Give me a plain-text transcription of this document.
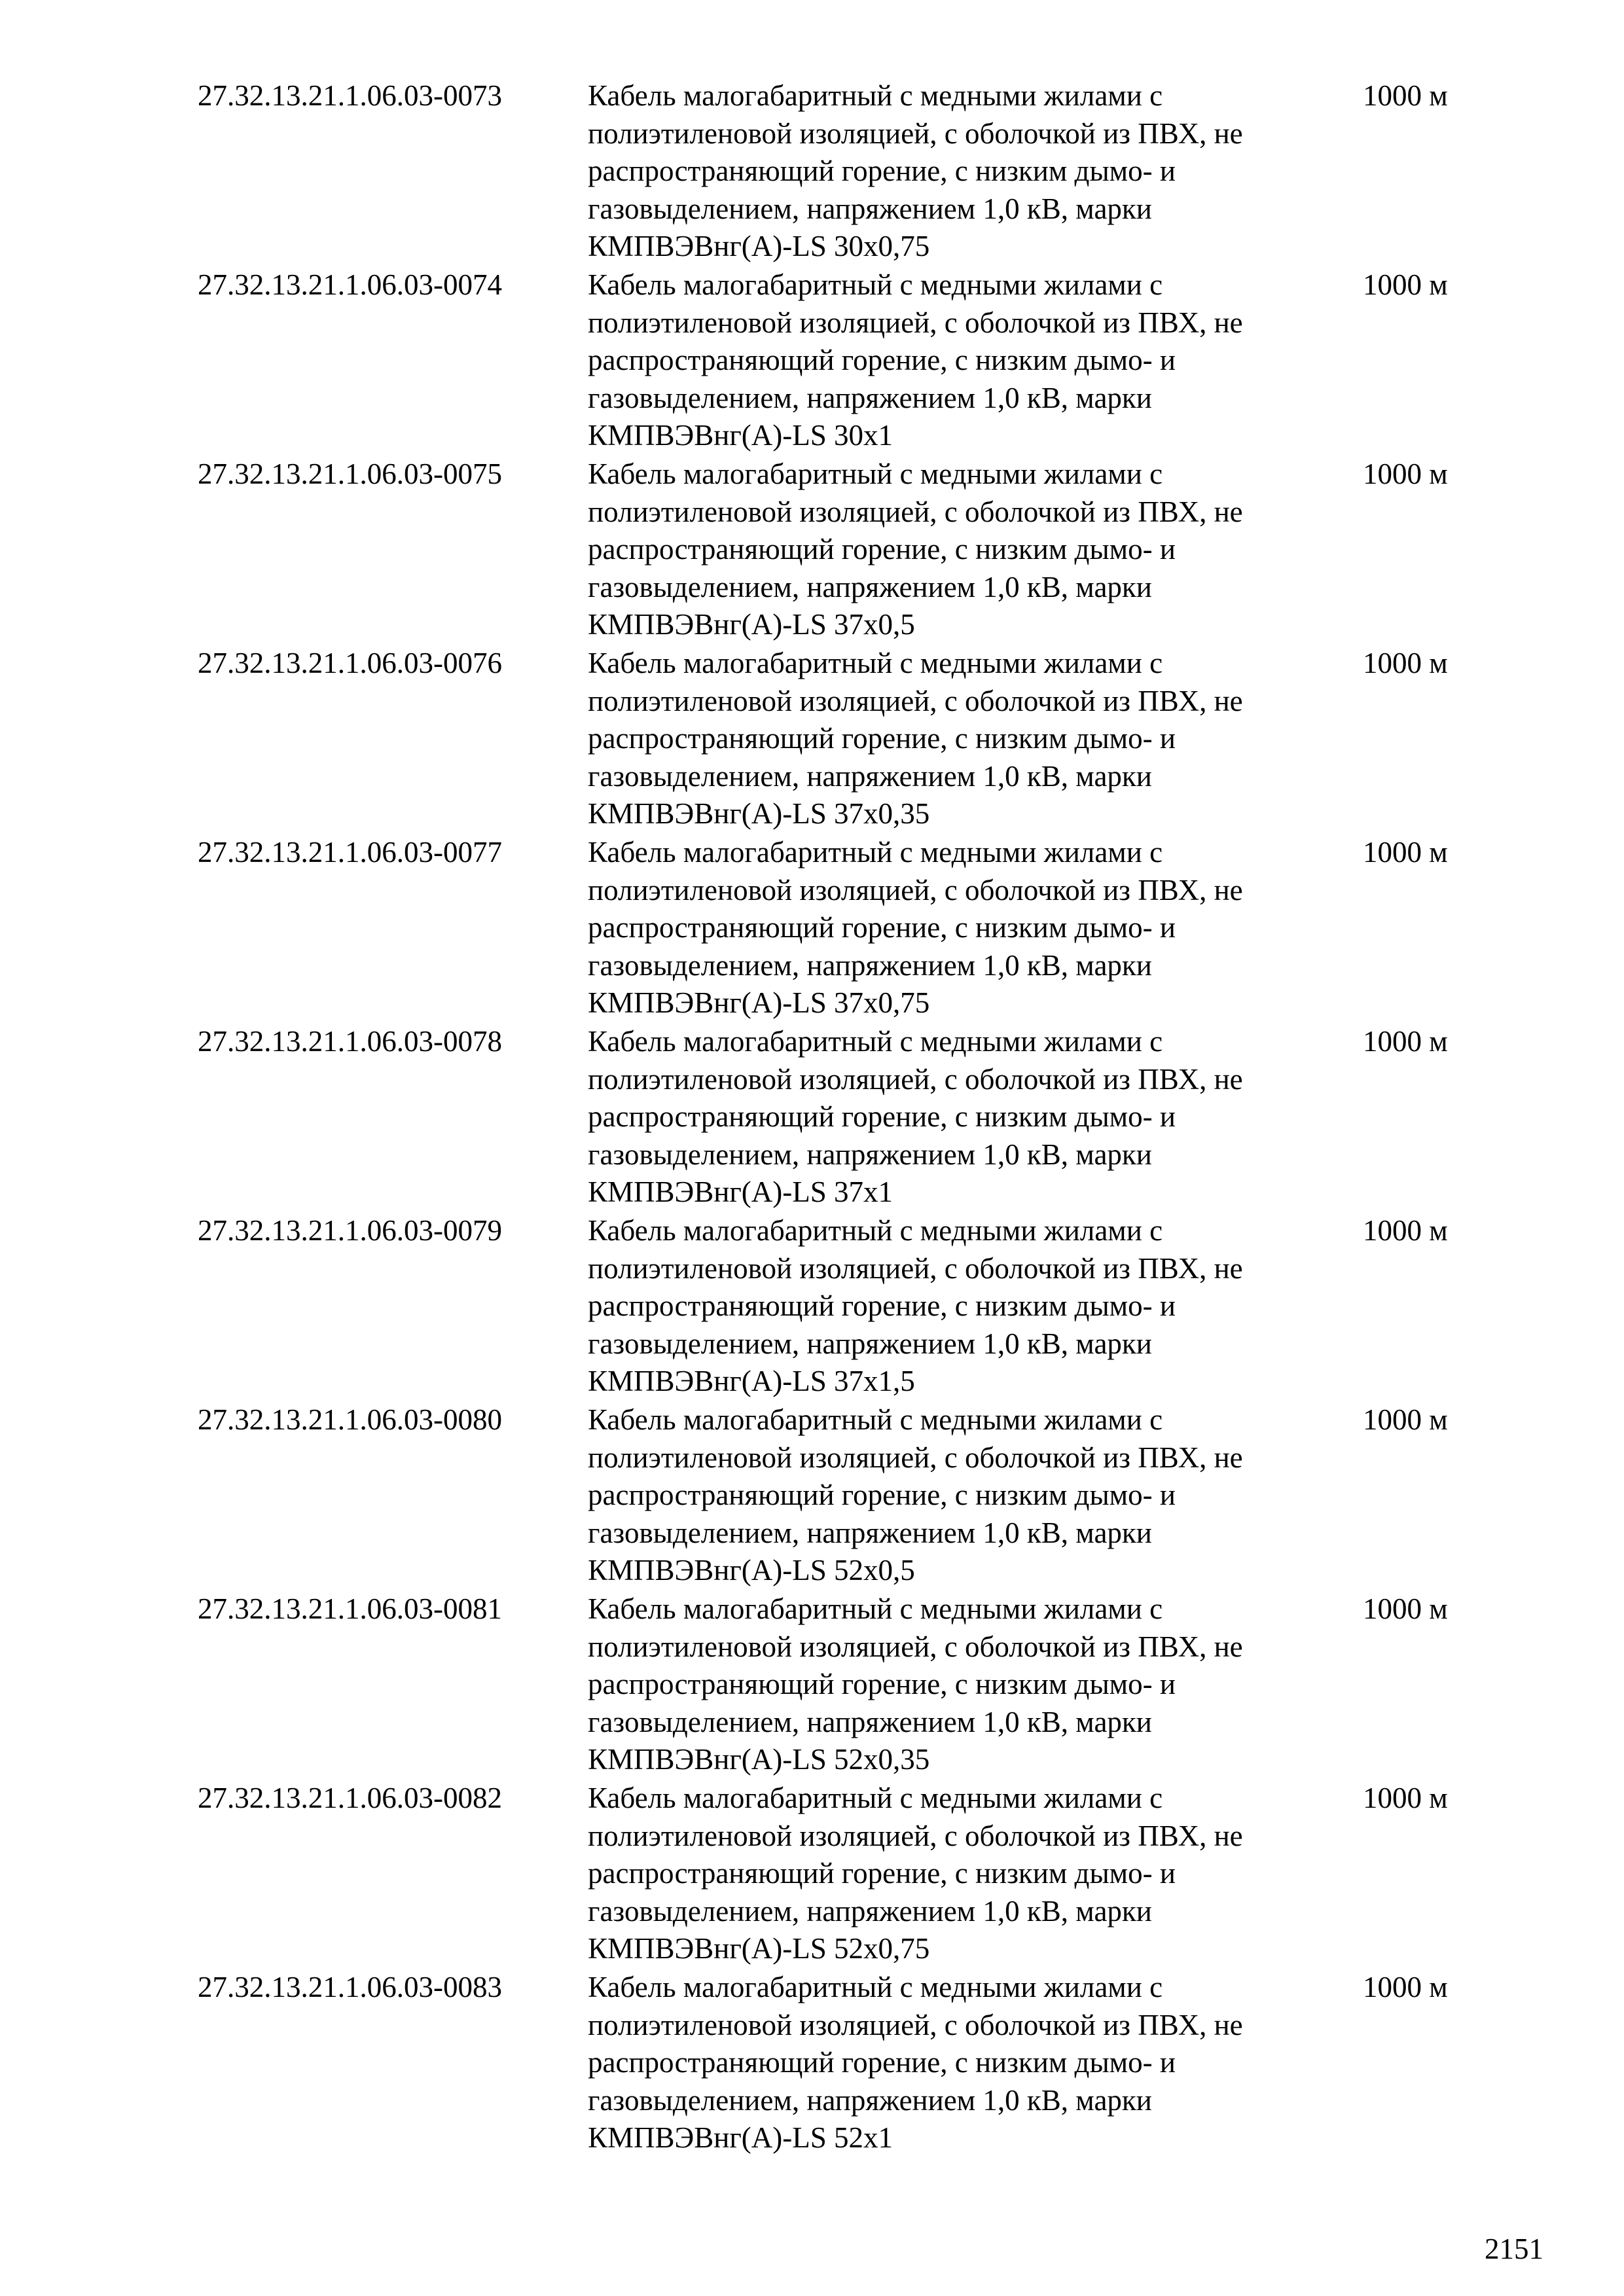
27.32.13.21.1.06.03-0073	Кабель малогабаритный с медными жилами с
полиэтиленовой изоляцией, с оболочкой из ПВХ, не
распространяющий горение, с низким дымо- и
газовыделением, напряжением 1,0 кВ, марки
КМПВЭВнг(А)-LS 30x0,75
1000 м
27.32.13.21.1.06.03-0074	Кабель малогабаритный с медными жилами с
полиэтиленовой изоляцией, с оболочкой из ПВХ, не
распространяющий горение, с низким дымо- и
газовыделением, напряжением 1,0 кВ, марки
КМПВЭВнг(А)-LS 30x1
1000 м
27.32.13.21.1.06.03-0075	Кабель малогабаритный с медными жилами с
полиэтиленовой изоляцией, с оболочкой из ПВХ, не
распространяющий горение, с низким дымо- и
газовыделением, напряжением 1,0 кВ, марки
КМПВЭВнг(А)-LS 37x0,5
1000 м
27.32.13.21.1.06.03-0076	Кабель малогабаритный с медными жилами с
полиэтиленовой изоляцией, с оболочкой из ПВХ, не
распространяющий горение, с низким дымо- и
газовыделением, напряжением 1,0 кВ, марки
КМПВЭВнг(А)-LS 37x0,35
1000 м
27.32.13.21.1.06.03-0077	Кабель малогабаритный с медными жилами с
полиэтиленовой изоляцией, с оболочкой из ПВХ, не
распространяющий горение, с низким дымо- и
газовыделением, напряжением 1,0 кВ, марки
КМПВЭВнг(А)-LS 37x0,75
1000 м
27.32.13.21.1.06.03-0078	Кабель малогабаритный с медными жилами с
полиэтиленовой изоляцией, с оболочкой из ПВХ, не
распространяющий горение, с низким дымо- и
газовыделением, напряжением 1,0 кВ, марки
КМПВЭВнг(А)-LS 37x1
1000 м
27.32.13.21.1.06.03-0079	Кабель малогабаритный с медными жилами с
полиэтиленовой изоляцией, с оболочкой из ПВХ, не
распространяющий горение, с низким дымо- и
газовыделением, напряжением 1,0 кВ, марки
КМПВЭВнг(А)-LS 37x1,5
1000 м
27.32.13.21.1.06.03-0080	Кабель малогабаритный с медными жилами с
полиэтиленовой изоляцией, с оболочкой из ПВХ, не
распространяющий горение, с низким дымо- и
газовыделением, напряжением 1,0 кВ, марки
КМПВЭВнг(А)-LS 52x0,5
1000 м
27.32.13.21.1.06.03-0081	Кабель малогабаритный с медными жилами с
полиэтиленовой изоляцией, с оболочкой из ПВХ, не
распространяющий горение, с низким дымо- и
газовыделением, напряжением 1,0 кВ, марки
КМПВЭВнг(А)-LS 52x0,35
1000 м
27.32.13.21.1.06.03-0082	Кабель малогабаритный с медными жилами с
полиэтиленовой изоляцией, с оболочкой из ПВХ, не
распространяющий горение, с низким дымо- и
газовыделением, напряжением 1,0 кВ, марки
КМПВЭВнг(А)-LS 52x0,75
1000 м
27.32.13.21.1.06.03-0083	Кабель малогабаритный с медными жилами с
полиэтиленовой изоляцией, с оболочкой из ПВХ, не
распространяющий горение, с низким дымо- и
газовыделением, напряжением 1,0 кВ, марки
КМПВЭВнг(А)-LS 52x1
1000 м
2151
